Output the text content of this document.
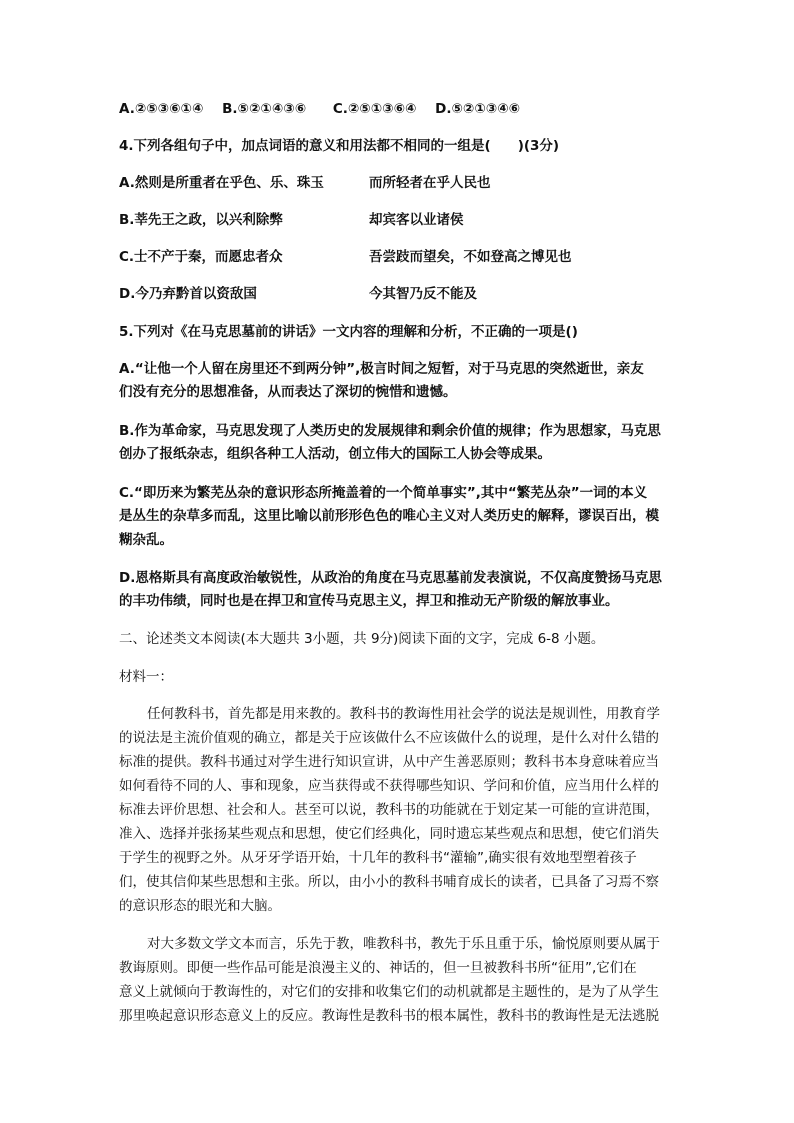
A.②⑤③⑥①④ B.⑤②①④③⑥ C.②⑤①③⑥④ D.⑤②①③④⑥
4.下列各组句子中，加点词语的意义和用法都不相同的一组是(　　)(3分)
A.然则是所重者在乎色、乐、珠玉	而所轻者在乎人民也
B.莘先王之政，以兴利除弊	却宾客以业诸侯
C.士不产于秦，而愿忠者众	吾尝跂而望矣，不如登高之博见也
D.今乃弃黔首以资敌国	今其智乃反不能及
5.下列对《在马克思墓前的讲话》一文内容的理解和分析，不正确的一项是()
A.“让他一个人留在房里还不到两分钟”,极言时间之短暂，对于马克思的突然逝世，亲友
们没有充分的思想准备，从而表达了深切的惋惜和遗憾。
B.作为革命家，马克思发现了人类历史的发展规律和剩余价值的规律；作为思想家，马克思
创办了报纸杂志，组织各种工人活动，创立伟大的国际工人协会等成果。
C.“即历来为繁芜丛杂的意识形态所掩盖着的一个简单事实”,其中“繁芜丛杂”一词的本义
是丛生的杂草多而乱，这里比喻以前形形色色的唯心主义对人类历史的解释，谬误百出，模
糊杂乱。
D.恩格斯具有高度政治敏锐性，从政治的角度在马克思墓前发表演说，不仅高度赞扬马克思
的丰功伟绩，同时也是在捍卫和宣传马克思主义，捍卫和推动无产阶级的解放事业。
二、论述类文本阅读(本大题共 3小题，共 9分)阅读下面的文字，完成 6-8 小题。
材料一：
任何教科书，首先都是用来教的。教科书的教诲性用社会学的说法是规训性，用教育学
的说法是主流价值观的确立，都是关于应该做什么不应该做什么的说理，是什么对什么错的
标准的提供。教科书通过对学生进行知识宣讲，从中产生善恶原则；教科书本身意味着应当
如何看待不同的人、事和现象，应当获得或不获得哪些知识、学问和价值，应当用什么样的
标准去评价思想、社会和人。甚至可以说，教科书的功能就在于划定某一可能的宣讲范围，
准入、选择并张扬某些观点和思想，使它们经典化，同时遗忘某些观点和思想，使它们消失
于学生的视野之外。从牙牙学语开始，十几年的教科书“灌输”,确实很有效地型塑着孩子
们，使其信仰某些思想和主张。所以，由小小的教科书哺育成长的读者，已具备了习焉不察
的意识形态的眼光和大脑。
对大多数文学文本而言，乐先于教，唯教科书，教先于乐且重于乐，愉悦原则要从属于
教诲原则。即便一些作品可能是浪漫主义的、神话的，但一旦被教科书所“征用”,它们在
意义上就倾向于教诲性的，对它们的安排和收集它们的动机就都是主题性的，是为了从学生
那里唤起意识形态意义上的反应。教诲性是教科书的根本属性，教科书的教诲性是无法逃脱
